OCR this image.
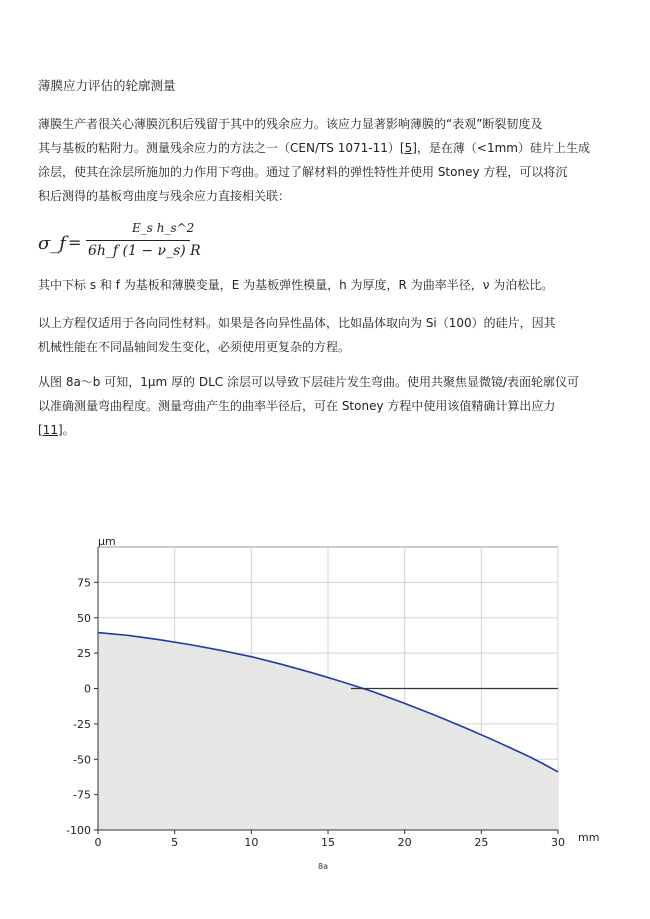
薄膜应力评估的轮廓测量
薄膜生产者很关心薄膜沉积后残留于其中的残余应力。该应力显著影响薄膜的“表观”断裂韧度及
其与基板的粘附力。测量残余应力的方法之一（CEN/TS 1071-11）[5]，是在薄（<1mm）硅片上生成
涂层，使其在涂层所施加的力作用下弯曲。通过了解材料的弹性特性并使用 Stoney 方程，可以将沉
积后测得的基板弯曲度与残余应力直接相关联：
σ_f =
E_s h_s^2
6h_f (1 − ν_s) R
其中下标 s 和 f 为基板和薄膜变量，E 为基板弹性模量，h 为厚度，R 为曲率半径，ν 为泊松比。
以上方程仅适用于各向同性材料。如果是各向异性晶体，比如晶体取向为 Si（100）的硅片，因其
机械性能在不同晶轴间发生变化，必须使用更复杂的方程。
从图 8a～b 可知，1μm 厚的 DLC 涂层可以导致下层硅片发生弯曲。使用共聚焦显微镜/表面轮廓仪可
以准确测量弯曲程度。测量弯曲产生的曲率半径后，可在 Stoney 方程中使用该值精确计算出应力
[11]。
0	5	10	15	20	25	30
-100
-75
-50
-25
0
25
50
75
μm
mm
8a
